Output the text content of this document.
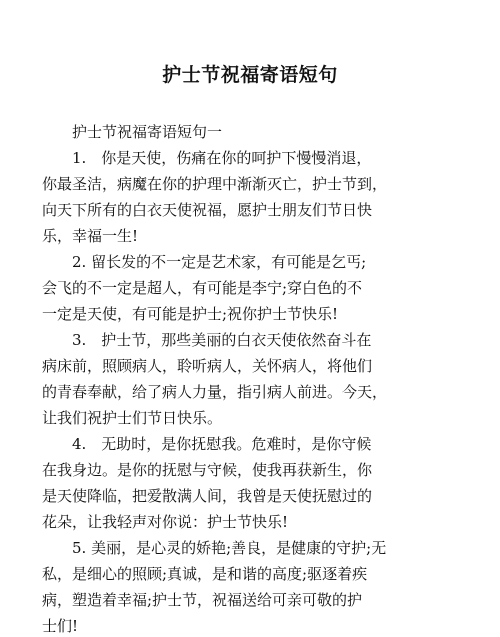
护士节祝福寄语短句
　　护士节祝福寄语短句一
　　1.　你是天使，伤痛在你的呵护下慢慢消退，
你最圣洁，病魔在你的护理中渐渐灭亡，护士节到，
向天下所有的白衣天使祝福，愿护士朋友们节日快
乐，幸福一生!
　　2. 留长发的不一定是艺术家，有可能是乞丐;
会飞的不一定是超人，有可能是李宁;穿白色的不
一定是天使，有可能是护士;祝你护士节快乐!
　　3.　护士节，那些美丽的白衣天使依然奋斗在
病床前，照顾病人，聆听病人，关怀病人，将他们
的青春奉献，给了病人力量，指引病人前进。今天，
让我们祝护士们节日快乐。
　　4.　无助时，是你抚慰我。危难时，是你守候
在我身边。是你的抚慰与守候，使我再获新生，你
是天使降临，把爱散满人间，我曾是天使抚慰过的
花朵，让我轻声对你说：护士节快乐!
　　5. 美丽，是心灵的娇艳;善良，是健康的守护;无
私，是细心的照顾;真诚，是和谐的高度;驱逐着疾
病，塑造着幸福;护士节，祝福送给可亲可敬的护
士们!
